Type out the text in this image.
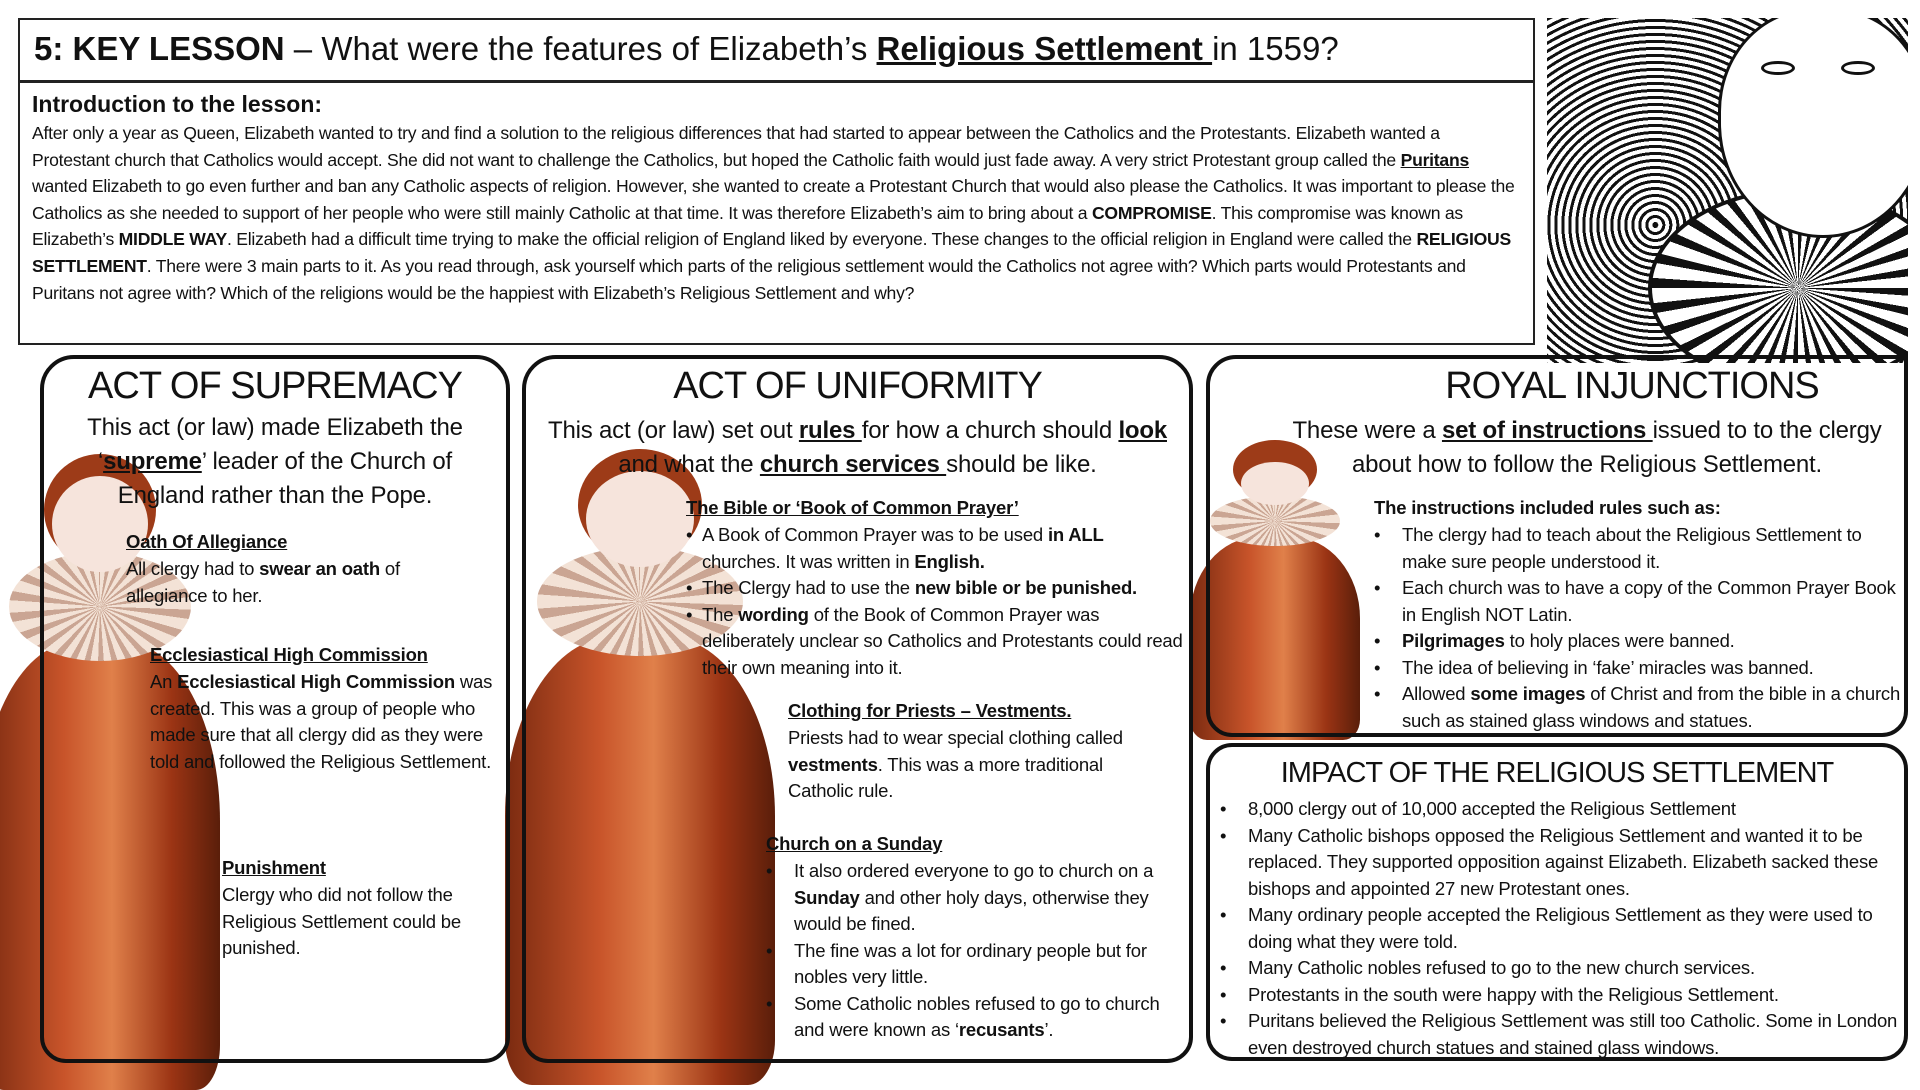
5: KEY LESSON – What were the features of Elizabeth’s Religious Settlement in 1559?
Introduction to the lesson:

After only a year as Queen, Elizabeth wanted to try and find a solution to the religious differences that had started to appear between the Catholics and the Protestants. Elizabeth wanted a Protestant church that Catholics would accept. She did not want to challenge the Catholics, but hoped the Catholic faith would just fade away. A very strict Protestant group called the Puritans wanted Elizabeth to go even further and ban any Catholic aspects of religion. However, she wanted to create a Protestant Church that would also please the Catholics. It was important to please the Catholics as she needed to support of her people who were still mainly Catholic at that time. It was therefore Elizabeth’s aim to bring about a COMPROMISE. This compromise was known as Elizabeth’s MIDDLE WAY. Elizabeth had a difficult time trying to make the official religion of England liked by everyone. These changes to the official religion in England were called the RELIGIOUS SETTLEMENT. There were 3 main parts to it. As you read through, ask yourself which parts of the religious settlement would the Catholics not agree with? Which parts would Protestants and Puritans not agree with? Which of the religions would be the happiest with Elizabeth’s Religious Settlement and why?

ACT OF SUPREMACY
This act (or law) made Elizabeth the ‘supreme’ leader of the Church of England rather than the Pope.
Oath Of Allegiance
All clergy had to swear an oath of allegiance to her.
Ecclesiastical High Commission
An Ecclesiastical High Commission was created. This was a group of people who made sure that all clergy did as they were told and followed the Religious Settlement.
Punishment
Clergy who did not follow the Religious Settlement could be punished.
ACT OF UNIFORMITY
This act (or law) set out rules for how a church should look and what the church services should be like.
The Bible or ‘Book of Common Prayer’
• A Book of Common Prayer was to be used in ALL churches. It was written in English.
• The Clergy had to use the new bible or be punished.
• The wording of the Book of Common Prayer was deliberately unclear so Catholics and Protestants could read their own meaning into it.
Clothing for Priests – Vestments.
Priests had to wear special clothing called vestments. This was a more traditional Catholic rule.
Church on a Sunday
• It also ordered everyone to go to church on a Sunday and other holy days, otherwise they would be fined.
• The fine was a lot for ordinary people but for nobles very little.
• Some Catholic nobles refused to go to church and were known as ‘recusants’.
ROYAL INJUNCTIONS
These were a set of instructions issued to to the clergy about how to follow the Religious Settlement.
The instructions included rules such as:
• The clergy had to teach about the Religious Settlement to make sure people understood it.
• Each church was to have a copy of the Common Prayer Book in English NOT Latin.
• Pilgrimages to holy places were banned.
• The idea of believing in ‘fake’ miracles was banned.
• Allowed some images of Christ and from the bible in a church such as stained glass windows and statues.
IMPACT OF THE RELIGIOUS SETTLEMENT
• 8,000 clergy out of 10,000 accepted the Religious Settlement
• Many Catholic bishops opposed the Religious Settlement and wanted it to be replaced. They supported opposition against Elizabeth. Elizabeth sacked these bishops and appointed 27 new Protestant ones.
• Many ordinary people accepted the Religious Settlement as they were used to doing what they were told.
• Many Catholic nobles refused to go to the new church services.
• Protestants in the south were happy with the Religious Settlement.
• Puritans believed the Religious Settlement was still too Catholic. Some in London even destroyed church statues and stained glass windows.
